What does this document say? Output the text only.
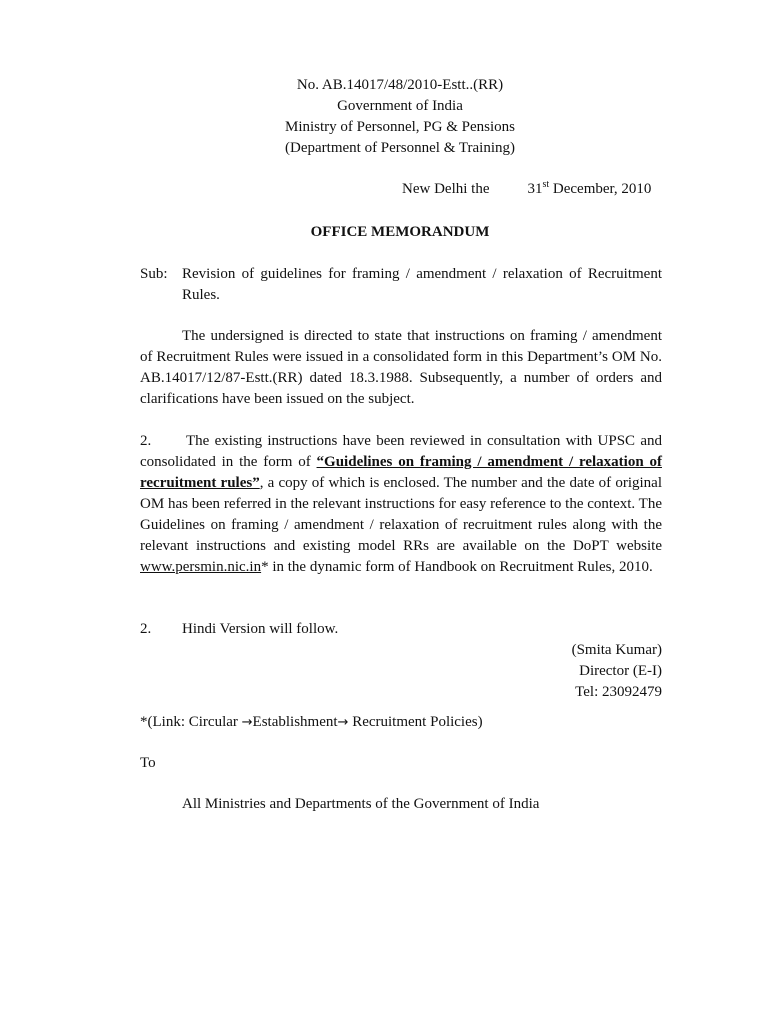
No. AB.14017/48/2010-Estt..(RR)
Government of India
Ministry of Personnel, PG & Pensions
(Department of Personnel & Training)
New Delhi the	31st December, 2010
OFFICE MEMORANDUM
Sub: Revision of guidelines for framing / amendment / relaxation of Recruitment Rules.
The undersigned is directed to state that instructions on framing / amendment of Recruitment Rules were issued in a consolidated form in this Department’s OM No. AB.14017/12/87-Estt.(RR) dated 18.3.1988. Subsequently, a number of orders and clarifications have been issued on the subject.
2. The existing instructions have been reviewed in consultation with UPSC and consolidated in the form of “Guidelines on framing / amendment / relaxation of recruitment rules”, a copy of which is enclosed. The number and the date of original OM has been referred in the relevant instructions for easy reference to the context. The Guidelines on framing / amendment / relaxation of recruitment rules along with the relevant instructions and existing model RRs are available on the DoPT website www.persmin.nic.in* in the dynamic form of Handbook on Recruitment Rules, 2010.
2. Hindi Version will follow.
(Smita Kumar)
Director (E-I)
Tel: 23092479
*(Link: Circular →Establishment→ Recruitment Policies)
To
All Ministries and Departments of the Government of India
